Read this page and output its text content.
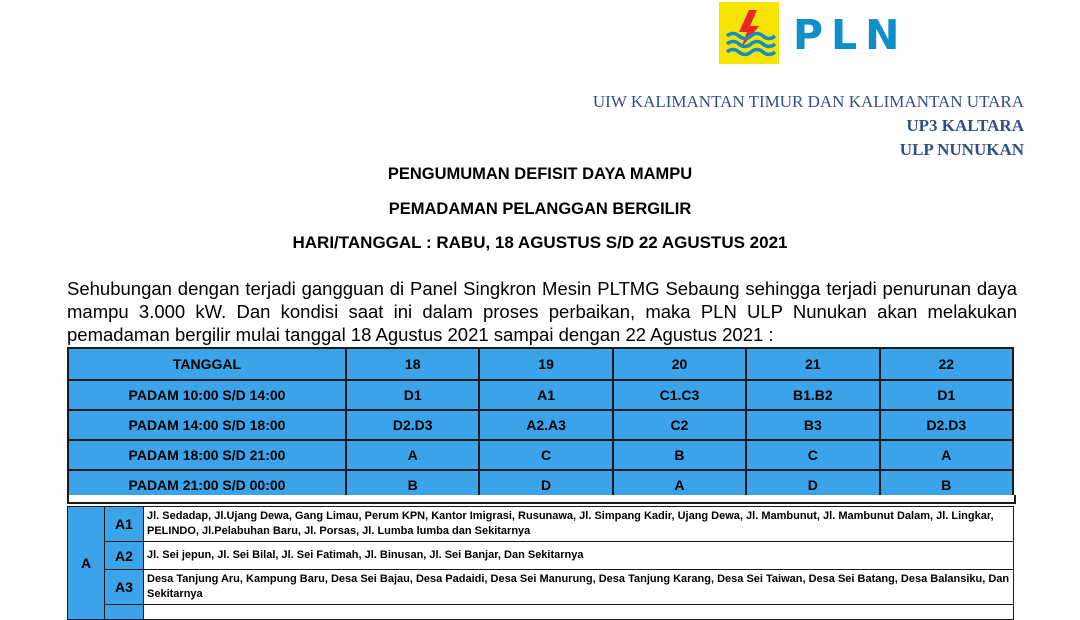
PLN
UIW KALIMANTAN TIMUR DAN KALIMANTAN UTARA
UP3 KALTARA
ULP NUNUKAN
PENGUMUMAN DEFISIT DAYA MAMPU
PEMADAMAN PELANGGAN BERGILIR
HARI/TANGGAL : RABU, 18 AGUSTUS S/D 22 AGUSTUS 2021
Sehubungan dengan terjadi gangguan di Panel Singkron Mesin PLTMG Sebaung sehingga terjadi penurunan daya mampu 3.000 kW. Dan kondisi saat ini dalam proses perbaikan, maka PLN ULP Nunukan akan melakukan pemadaman bergilir mulai tanggal 18 Agustus 2021 sampai dengan 22 Agustus 2021 :
TANGGAL	18	19	20	21	22
PADAM 10:00 S/D 14:00	D1	A1	C1.C3	B1.B2	D1
PADAM 14:00 S/D 18:00	D2.D3	A2.A3	C2	B3	D2.D3
PADAM 18:00 S/D 21:00	A	C	B	C	A
PADAM 21:00 S/D 00:00	B	D	A	D	B
A	A1	Jl. Sedadap, Jl.Ujang Dewa, Gang Limau, Perum KPN, Kantor Imigrasi, Rusunawa, Jl. Simpang Kadir, Ujang Dewa, Jl. Mambunut, Jl. Mambunut Dalam, Jl. Lingkar, PELINDO, Jl.Pelabuhan Baru, Jl. Porsas, Jl. Lumba lumba dan Sekitarnya
	A2	Jl. Sei jepun, Jl. Sei Bilal, Jl. Sei Fatimah, Jl. Binusan, Jl. Sei Banjar, Dan Sekitarnya
	A3	Desa Tanjung Aru, Kampung Baru, Desa Sei Bajau, Desa Padaidi, Desa Sei Manurung, Desa Tanjung Karang, Desa Sei Taiwan, Desa Sei Batang, Desa Balansiku, Dan Sekitarnya
